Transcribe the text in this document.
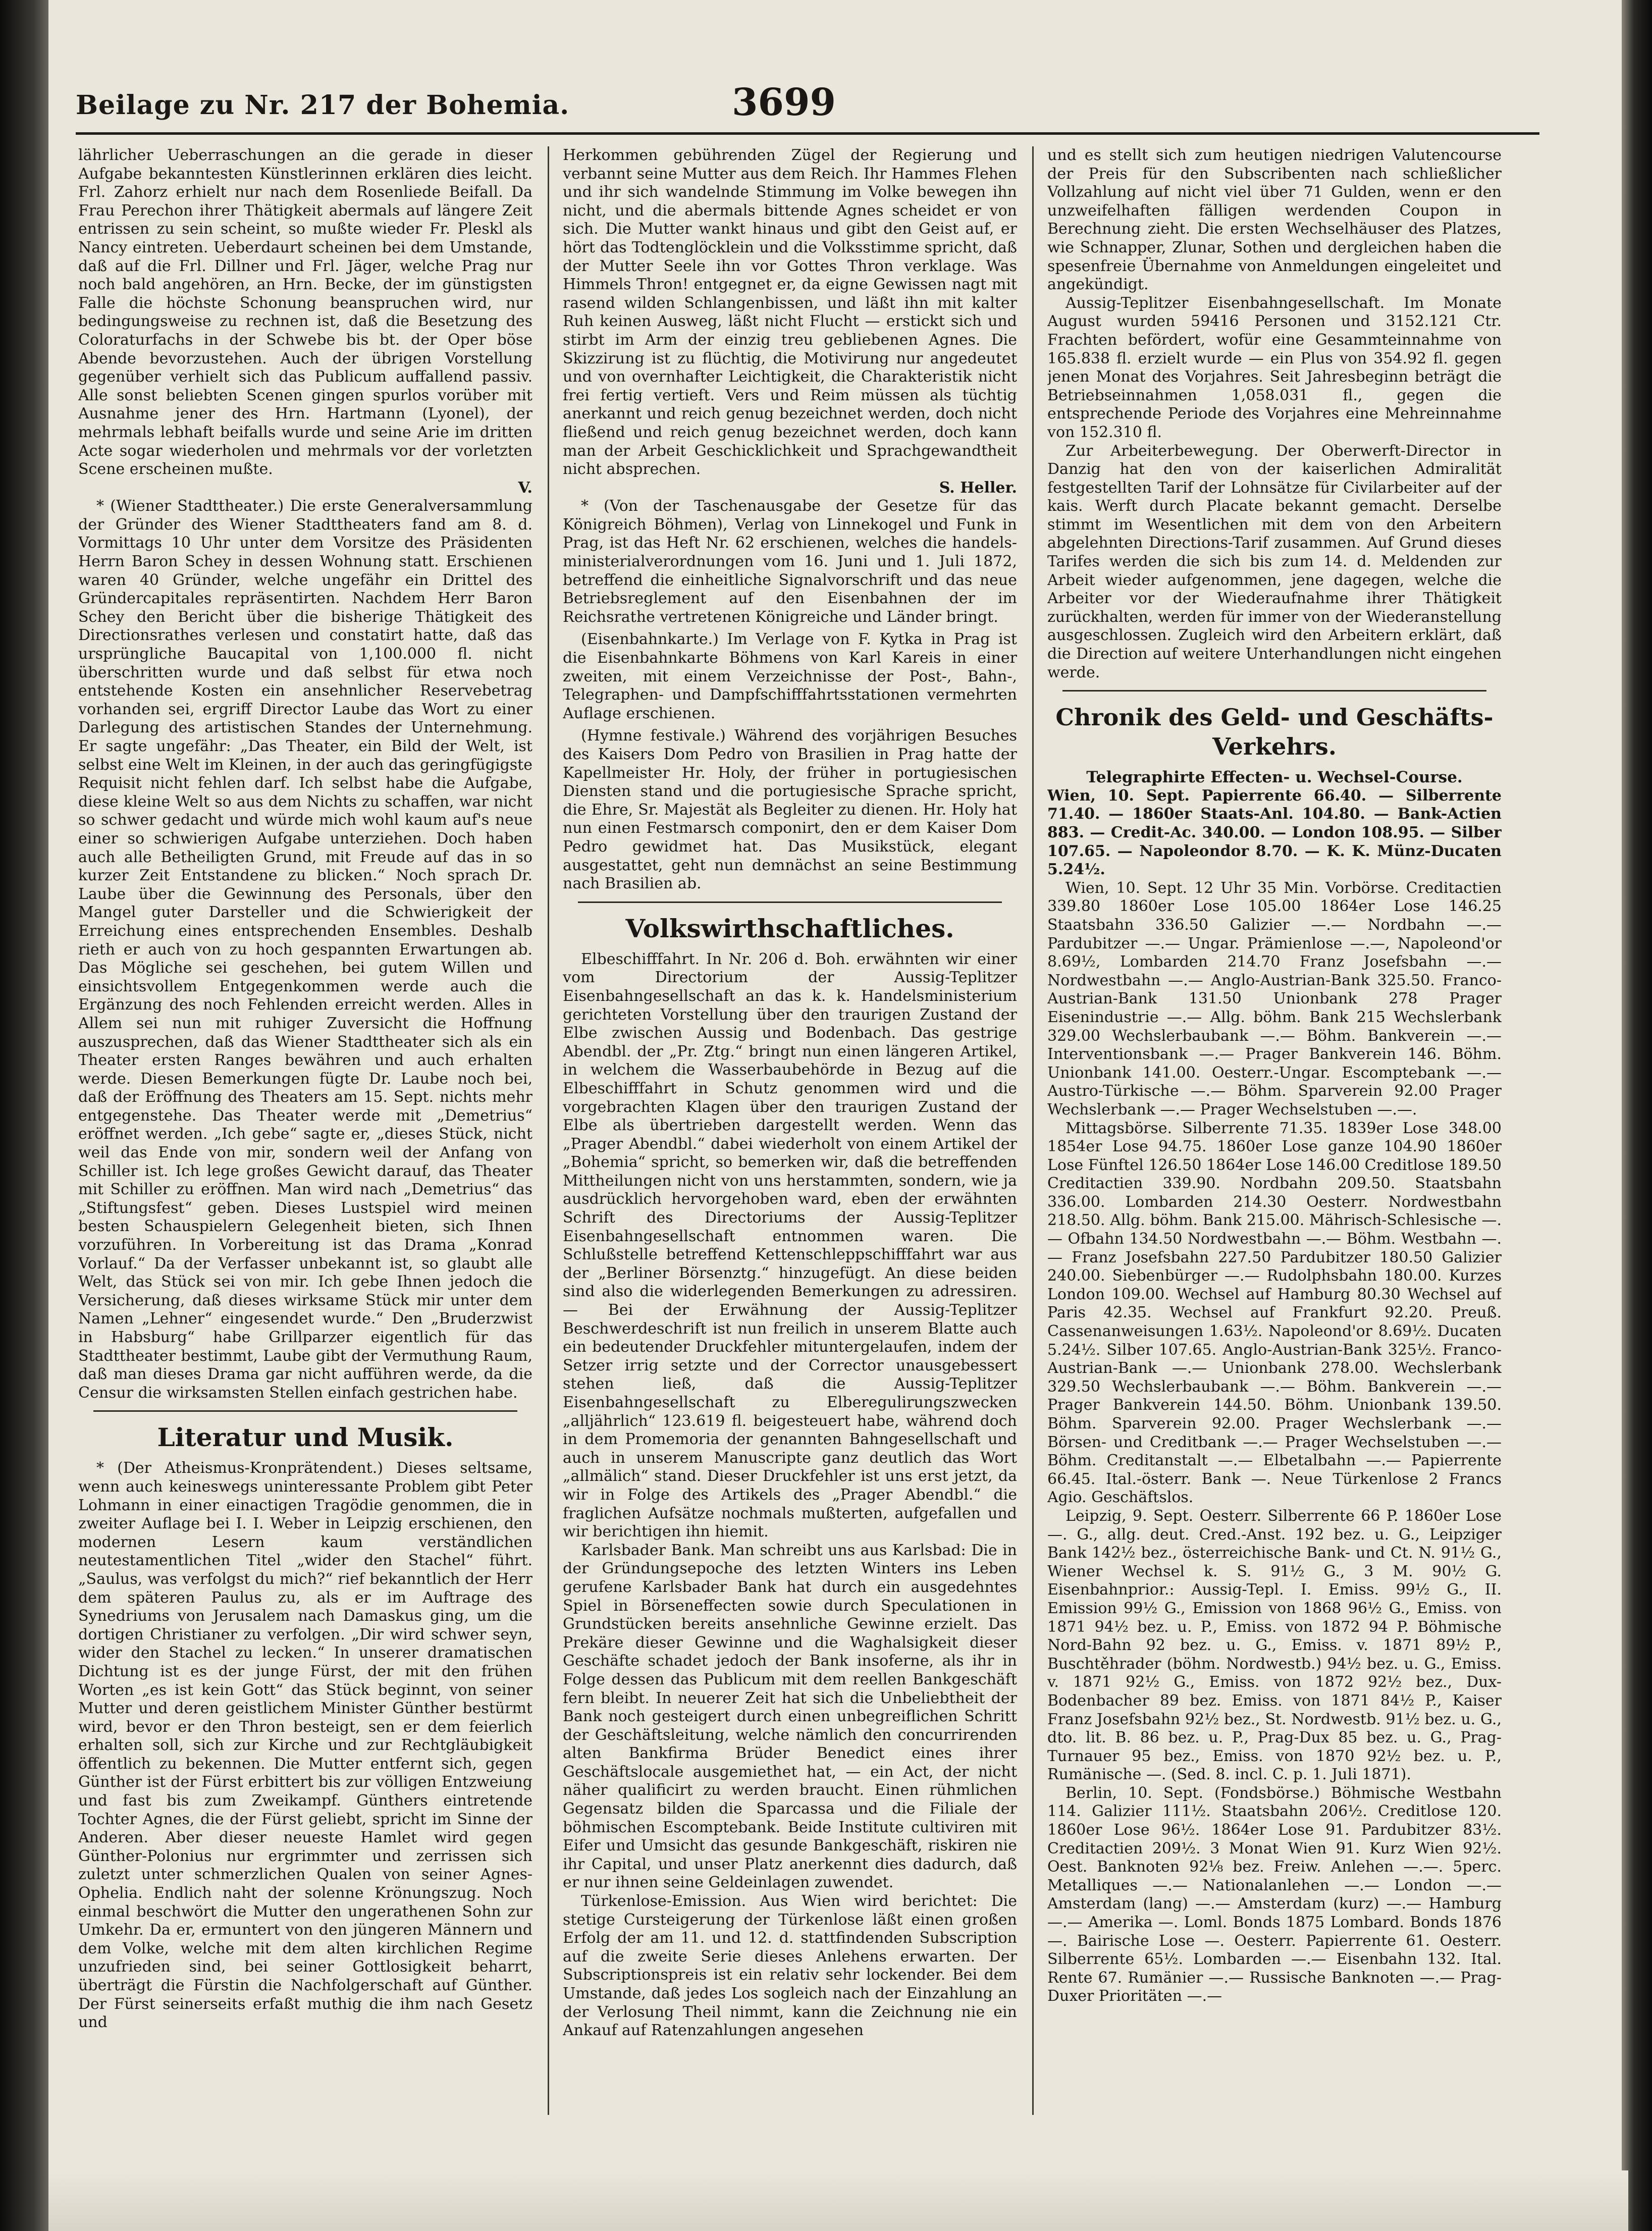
Beilage zu Nr. 217 der Bohemia.	3699

lährlicher Ueberraschungen an die gerade in dieser Aufgabe bekanntesten Künstlerinnen erklären dies leicht. Frl. Zahorz erhielt nur nach dem Rosenliede Beifall. Da Frau Perechon ihrer Thätigkeit abermals auf längere Zeit entrissen zu sein scheint, so mußte wieder Fr. Pleskl als Nancy eintreten. Ueberdaurt scheinen bei dem Umstande, daß auf die Frl. Dillner und Frl. Jäger, welche Prag nur noch bald angehören, an Hrn. Becke, der im günstigsten Falle die höchste Schonung beanspruchen wird, nur bedingungsweise zu rechnen ist, daß die Besetzung des Coloraturfachs in der Schwebe bis bt. der Oper böse Abende bevorzustehen. Auch der übrigen Vorstellung gegenüber verhielt sich das Publicum auffallend passiv. Alle sonst beliebten Scenen gingen spurlos vorüber mit Ausnahme jener des Hrn. Hartmann (Lyonel), der mehrmals lebhaft beifalls wurde und seine Arie im dritten Acte sogar wiederholen und mehrmals vor der vorletzten Scene erscheinen mußte.

V.

* (Wiener Stadttheater.) Die erste Generalversammlung der Gründer des Wiener Stadttheaters fand am 8. d. Vormittags 10 Uhr unter dem Vorsitze des Präsidenten Herrn Baron Schey in dessen Wohnung statt. Erschienen waren 40 Gründer, welche ungefähr ein Drittel des Gründercapitales repräsentirten. Nachdem Herr Baron Schey den Bericht über die bisherige Thätigkeit des Directionsrathes verlesen und constatirt hatte, daß das ursprüngliche Baucapital von 1,100.000 fl. nicht überschritten wurde und daß selbst für etwa noch entstehende Kosten ein ansehnlicher Reservebetrag vorhanden sei, ergriff Director Laube das Wort zu einer Darlegung des artistischen Standes der Unternehmung. Er sagte ungefähr: „Das Theater, ein Bild der Welt, ist selbst eine Welt im Kleinen, in der auch das geringfügigste Requisit nicht fehlen darf. Ich selbst habe die Aufgabe, diese kleine Welt so aus dem Nichts zu schaffen, war nicht so schwer gedacht und würde mich wohl kaum auf's neue einer so schwierigen Aufgabe unterziehen. Doch haben auch alle Betheiligten Grund, mit Freude auf das in so kurzer Zeit Entstandene zu blicken.“ Noch sprach Dr. Laube über die Gewinnung des Personals, über den Mangel guter Darsteller und die Schwierigkeit der Erreichung eines entsprechenden Ensembles. Deshalb rieth er auch von zu hoch gespannten Erwartungen ab. Das Mögliche sei geschehen, bei gutem Willen und einsichtsvollem Entgegenkommen werde auch die Ergänzung des noch Fehlenden erreicht werden. Alles in Allem sei nun mit ruhiger Zuversicht die Hoffnung auszusprechen, daß das Wiener Stadttheater sich als ein Theater ersten Ranges bewähren und auch erhalten werde. Diesen Bemerkungen fügte Dr. Laube noch bei, daß der Eröffnung des Theaters am 15. Sept. nichts mehr entgegenstehe. Das Theater werde mit „Demetrius“ eröffnet werden. „Ich gebe“ sagte er, „dieses Stück, nicht weil das Ende von mir, sondern weil der Anfang von Schiller ist. Ich lege großes Gewicht darauf, das Theater mit Schiller zu eröffnen. Man wird nach „Demetrius“ das „Stiftungsfest“ geben. Dieses Lustspiel wird meinen besten Schauspielern Gelegenheit bieten, sich Ihnen vorzuführen. In Vorbereitung ist das Drama „Konrad Vorlauf.“ Da der Verfasser unbekannt ist, so glaubt alle Welt, das Stück sei von mir. Ich gebe Ihnen jedoch die Versicherung, daß dieses wirksame Stück mir unter dem Namen „Lehner“ eingesendet wurde.“ Den „Bruderzwist in Habsburg“ habe Grillparzer eigentlich für das Stadttheater bestimmt, Laube gibt der Vermuthung Raum, daß man dieses Drama gar nicht aufführen werde, da die Censur die wirksamsten Stellen einfach gestrichen habe.

Literatur und Musik.

* (Der Atheismus-Kronprätendent.) Dieses seltsame, wenn auch keineswegs uninteressante Problem gibt Peter Lohmann in einer einactigen Tragödie genommen, die in zweiter Auflage bei I. I. Weber in Leipzig erschienen, den modernen Lesern kaum verständlichen neutestamentlichen Titel „wider den Stachel“ führt. „Saulus, was verfolgst du mich?“ rief bekanntlich der Herr dem späteren Paulus zu, als er im Auftrage des Synedriums von Jerusalem nach Damaskus ging, um die dortigen Christianer zu verfolgen. „Dir wird schwer seyn, wider den Stachel zu lecken.“ In unserer dramatischen Dichtung ist es der junge Fürst, der mit den frühen Worten „es ist kein Gott“ das Stück beginnt, von seiner Mutter und deren geistlichem Minister Günther bestürmt wird, bevor er den Thron besteigt, sen er dem feierlich erhalten soll, sich zur Kirche und zur Rechtgläubigkeit öffentlich zu bekennen. Die Mutter entfernt sich, gegen Günther ist der Fürst erbittert bis zur völligen Entzweiung und fast bis zum Zweikampf. Günthers eintretende Tochter Agnes, die der Fürst geliebt, spricht im Sinne der Anderen. Aber dieser neueste Hamlet wird gegen Günther-Polonius nur ergrimmter und zerrissen sich zuletzt unter schmerzlichen Qualen von seiner Agnes-Ophelia. Endlich naht der solenne Krönungszug. Noch einmal beschwört die Mutter den ungerathenen Sohn zur Umkehr. Da er, ermuntert von den jüngeren Männern und dem Volke, welche mit dem alten kirchlichen Regime unzufrieden sind, bei seiner Gottlosigkeit beharrt, überträgt die Fürstin die Nachfolgerschaft auf Günther. Der Fürst seinerseits erfaßt muthig die ihm nach Gesetz und

Herkommen gebührenden Zügel der Regierung und verbannt seine Mutter aus dem Reich. Ihr Hammes Flehen und ihr sich wandelnde Stimmung im Volke bewegen ihn nicht, und die abermals bittende Agnes scheidet er von sich. Die Mutter wankt hinaus und gibt den Geist auf, er hört das Todtenglöcklein und die Volksstimme spricht, daß der Mutter Seele ihn vor Gottes Thron verklage. Was Himmels Thron! entgegnet er, da eigne Gewissen nagt mit rasend wilden Schlangenbissen, und läßt ihn mit kalter Ruh keinen Ausweg, läßt nicht Flucht — erstickt sich und stirbt im Arm der einzig treu gebliebenen Agnes. Die Skizzirung ist zu flüchtig, die Motivirung nur angedeutet und von overnhafter Leichtigkeit, die Charakteristik nicht frei fertig vertieft. Vers und Reim müssen als tüchtig anerkannt und reich genug bezeichnet werden, doch nicht fließend und reich genug bezeichnet werden, doch kann man der Arbeit Geschicklichkeit und Sprachgewandtheit nicht absprechen.

S. Heller.

* (Von der Taschenausgabe der Gesetze für das Königreich Böhmen), Verlag von Linnekogel und Funk in Prag, ist das Heft Nr. 62 erschienen, welches die handels-ministerialverordnungen vom 16. Juni und 1. Juli 1872, betreffend die einheitliche Signalvorschrift und das neue Betriebsreglement auf den Eisenbahnen der im Reichsrathe vertretenen Königreiche und Länder bringt.

(Eisenbahnkarte.) Im Verlage von F. Kytka in Prag ist die Eisenbahnkarte Böhmens von Karl Kareis in einer zweiten, mit einem Verzeichnisse der Post-, Bahn-, Telegraphen- und Dampfschifffahrtsstationen vermehrten Auflage erschienen.

(Hymne festivale.) Während des vorjährigen Besuches des Kaisers Dom Pedro von Brasilien in Prag hatte der Kapellmeister Hr. Holy, der früher in portugiesischen Diensten stand und die portugiesische Sprache spricht, die Ehre, Sr. Majestät als Begleiter zu dienen. Hr. Holy hat nun einen Festmarsch componirt, den er dem Kaiser Dom Pedro gewidmet hat. Das Musikstück, elegant ausgestattet, geht nun demnächst an seine Bestimmung nach Brasilien ab.

Volkswirthschaftliches.

Elbeschifffahrt. In Nr. 206 d. Boh. erwähnten wir einer vom Directorium der Aussig-Teplitzer Eisenbahngesellschaft an das k. k. Handelsministerium gerichteten Vorstellung über den traurigen Zustand der Elbe zwischen Aussig und Bodenbach. Das gestrige Abendbl. der „Pr. Ztg.“ bringt nun einen längeren Artikel, in welchem die Wasserbaubehörde in Bezug auf die Elbeschifffahrt in Schutz genommen wird und die vorgebrachten Klagen über den traurigen Zustand der Elbe als übertrieben dargestellt werden. Wenn das „Prager Abendbl.“ dabei wiederholt von einem Artikel der „Bohemia“ spricht, so bemerken wir, daß die betreffenden Mittheilungen nicht von uns herstammten, sondern, wie ja ausdrücklich hervorgehoben ward, eben der erwähnten Schrift des Directoriums der Aussig-Teplitzer Eisenbahngesellschaft entnommen waren. Die Schlußstelle betreffend Kettenschleppschifffahrt war aus der „Berliner Börsenztg.“ hinzugefügt. An diese beiden sind also die widerlegenden Bemerkungen zu adressiren. — Bei der Erwähnung der Aussig-Teplitzer Beschwerdeschrift ist nun freilich in unserem Blatte auch ein bedeutender Druckfehler mituntergelaufen, indem der Setzer irrig setzte und der Corrector unausgebessert stehen ließ, daß die Aussig-Teplitzer Eisenbahngesellschaft zu Elberegulirungszwecken „alljährlich“ 123.619 fl. beigesteuert habe, während doch in dem Promemoria der genannten Bahngesellschaft und auch in unserem Manuscripte ganz deutlich das Wort „allmälich“ stand. Dieser Druckfehler ist uns erst jetzt, da wir in Folge des Artikels des „Prager Abendbl.“ die fraglichen Aufsätze nochmals mußterten, aufgefallen und wir berichtigen ihn hiemit.

Karlsbader Bank. Man schreibt uns aus Karlsbad: Die in der Gründungsepoche des letzten Winters ins Leben gerufene Karlsbader Bank hat durch ein ausgedehntes Spiel in Börseneffecten sowie durch Speculationen in Grundstücken bereits ansehnliche Gewinne erzielt. Das Prekäre dieser Gewinne und die Waghalsigkeit dieser Geschäfte schadet jedoch der Bank insoferne, als ihr in Folge dessen das Publicum mit dem reellen Bankgeschäft fern bleibt. In neuerer Zeit hat sich die Unbeliebtheit der Bank noch gesteigert durch einen unbegreiflichen Schritt der Geschäftsleitung, welche nämlich den concurrirenden alten Bankfirma Brüder Benedict eines ihrer Geschäftslocale ausgemiethet hat, — ein Act, der nicht näher qualificirt zu werden braucht. Einen rühmlichen Gegensatz bilden die Sparcassa und die Filiale der böhmischen Escomptebank. Beide Institute cultiviren mit Eifer und Umsicht das gesunde Bankgeschäft, riskiren nie ihr Capital, und unser Platz anerkennt dies dadurch, daß er nur ihnen seine Geldeinlagen zuwendet.

Türkenlose-Emission. Aus Wien wird berichtet: Die stetige Cursteigerung der Türkenlose läßt einen großen Erfolg der am 11. und 12. d. stattfindenden Subscription auf die zweite Serie dieses Anlehens erwarten. Der Subscriptionspreis ist ein relativ sehr lockender. Bei dem Umstande, daß jedes Los sogleich nach der Einzahlung an der Verlosung Theil nimmt, kann die Zeichnung nie ein Ankauf auf Ratenzahlungen angesehen

und es stellt sich zum heutigen niedrigen Valutencourse der Preis für den Subscribenten nach schließlicher Vollzahlung auf nicht viel über 71 Gulden, wenn er den unzweifelhaften fälligen werdenden Coupon in Berechnung zieht. Die ersten Wechselhäuser des Platzes, wie Schnapper, Zlunar, Sothen und dergleichen haben die spesenfreie Übernahme von Anmeldungen eingeleitet und angekündigt.

Aussig-Teplitzer Eisenbahngesellschaft. Im Monate August wurden 59416 Personen und 3152.121 Ctr. Frachten befördert, wofür eine Gesammteinnahme von 165.838 fl. erzielt wurde — ein Plus von 354.92 fl. gegen jenen Monat des Vorjahres. Seit Jahresbeginn beträgt die Betriebseinnahmen 1,058.031 fl., gegen die entsprechende Periode des Vorjahres eine Mehreinnahme von 152.310 fl.

Zur Arbeiterbewegung. Der Oberwerft-Director in Danzig hat den von der kaiserlichen Admiralität festgestellten Tarif der Lohnsätze für Civilarbeiter auf der kais. Werft durch Placate bekannt gemacht. Derselbe stimmt im Wesentlichen mit dem von den Arbeitern abgelehnten Directions-Tarif zusammen. Auf Grund dieses Tarifes werden die sich bis zum 14. d. Meldenden zur Arbeit wieder aufgenommen, jene dagegen, welche die Arbeiter vor der Wiederaufnahme ihrer Thätigkeit zurückhalten, werden für immer von der Wiederanstellung ausgeschlossen. Zugleich wird den Arbeitern erklärt, daß die Direction auf weitere Unterhandlungen nicht eingehen werde.

Chronik des Geld- und Geschäfts-Verkehrs.

Telegraphirte Effecten- u. Wechsel-Course.

Wien, 10. Sept. Papierrente 66.40. — Silberrente 71.40. — 1860er Staats-Anl. 104.80. — Bank-Actien 883. — Credit-Ac. 340.00. — London 108.95. — Silber 107.65. — Napoleondor 8.70. — K. K. Münz-Ducaten 5.24½.

Wien, 10. Sept. 12 Uhr 35 Min. Vorbörse. Creditactien 339.80 1860er Lose 105.00 1864er Lose 146.25 Staatsbahn 336.50 Galizier —.— Nordbahn —.— Pardubitzer —.— Ungar. Prämienlose —.—, Napoleond'or 8.69½, Lombarden 214.70 Franz Josefsbahn —.— Nordwestbahn —.— Anglo-Austrian-Bank 325.50. Franco-Austrian-Bank 131.50 Unionbank 278 Prager Eisenindustrie —.— Allg. böhm. Bank 215 Wechslerbank 329.00 Wechslerbaubank —.— Böhm. Bankverein —.— Interventionsbank —.— Prager Bankverein 146. Böhm. Unionbank 141.00. Oesterr.-Ungar. Escomptebank —.— Austro-Türkische —.— Böhm. Sparverein 92.00 Prager Wechslerbank —.— Prager Wechselstuben —.—.

Mittagsbörse. Silberrente 71.35. 1839er Lose 348.00 1854er Lose 94.75. 1860er Lose ganze 104.90 1860er Lose Fünftel 126.50 1864er Lose 146.00 Creditlose 189.50 Creditactien 339.90. Nordbahn 209.50. Staatsbahn 336.00. Lombarden 214.30 Oesterr. Nordwestbahn 218.50. Allg. böhm. Bank 215.00. Mährisch-Schlesische —.— Ofbahn 134.50 Nordwestbahn —.— Böhm. Westbahn —.— Franz Josefsbahn 227.50 Pardubitzer 180.50 Galizier 240.00. Siebenbürger —.— Rudolphsbahn 180.00. Kurzes London 109.00. Wechsel auf Hamburg 80.30 Wechsel auf Paris 42.35. Wechsel auf Frankfurt 92.20. Preuß. Cassenanweisungen 1.63½. Napoleond'or 8.69½. Ducaten 5.24½. Silber 107.65. Anglo-Austrian-Bank 325½. Franco-Austrian-Bank —.— Unionbank 278.00. Wechslerbank 329.50 Wechslerbaubank —.— Böhm. Bankverein —.— Prager Bankverein 144.50. Böhm. Unionbank 139.50. Böhm. Sparverein 92.00. Prager Wechslerbank —.— Börsen- und Creditbank —.— Prager Wechselstuben —.— Böhm. Creditanstalt —.— Elbetalbahn —.— Papierrente 66.45. Ital.-österr. Bank —. Neue Türkenlose 2 Francs Agio. Geschäftslos.

Leipzig, 9. Sept. Oesterr. Silberrente 66 P. 1860er Lose —. G., allg. deut. Cred.-Anst. 192 bez. u. G., Leipziger Bank 142½ bez., österreichische Bank- und Ct. N. 91½ G., Wiener Wechsel k. S. 91½ G., 3 M. 90½ G. Eisenbahnprior.: Aussig-Tepl. I. Emiss. 99½ G., II. Emission 99½ G., Emission von 1868 96½ G., Emiss. von 1871 94½ bez. u. P., Emiss. von 1872 94 P. Böhmische Nord-Bahn 92 bez. u. G., Emiss. v. 1871 89½ P., Buschtěhrader (böhm. Nordwestb.) 94½ bez. u. G., Emiss. v. 1871 92½ G., Emiss. von 1872 92½ bez., Dux-Bodenbacher 89 bez. Emiss. von 1871 84½ P., Kaiser Franz Josefsbahn 92½ bez., St. Nordwestb. 91½ bez. u. G., dto. lit. B. 86 bez. u. P., Prag-Dux 85 bez. u. G., Prag-Turnauer 95 bez., Emiss. von 1870 92½ bez. u. P., Rumänische —. (Sed. 8. incl. C. p. 1. Juli 1871).

Berlin, 10. Sept. (Fondsbörse.) Böhmische Westbahn 114. Galizier 111½. Staatsbahn 206½. Creditlose 120. 1860er Lose 96½. 1864er Lose 91. Pardubitzer 83½. Creditactien 209½. 3 Monat Wien 91. Kurz Wien 92½. Oest. Banknoten 92⅛ bez. Freiw. Anlehen —.—. 5perc. Metalliques —.— Nationalanlehen —.— London —.— Amsterdam (lang) —.— Amsterdam (kurz) —.— Hamburg —.— Amerika —. Loml. Bonds 1875 Lombard. Bonds 1876 —. Bairische Lose —. Oesterr. Papierrente 61. Oesterr. Silberrente 65½. Lombarden —.— Eisenbahn 132. Ital. Rente 67. Rumänier —.— Russische Banknoten —.— Prag-Duxer Prioritäten —.—
